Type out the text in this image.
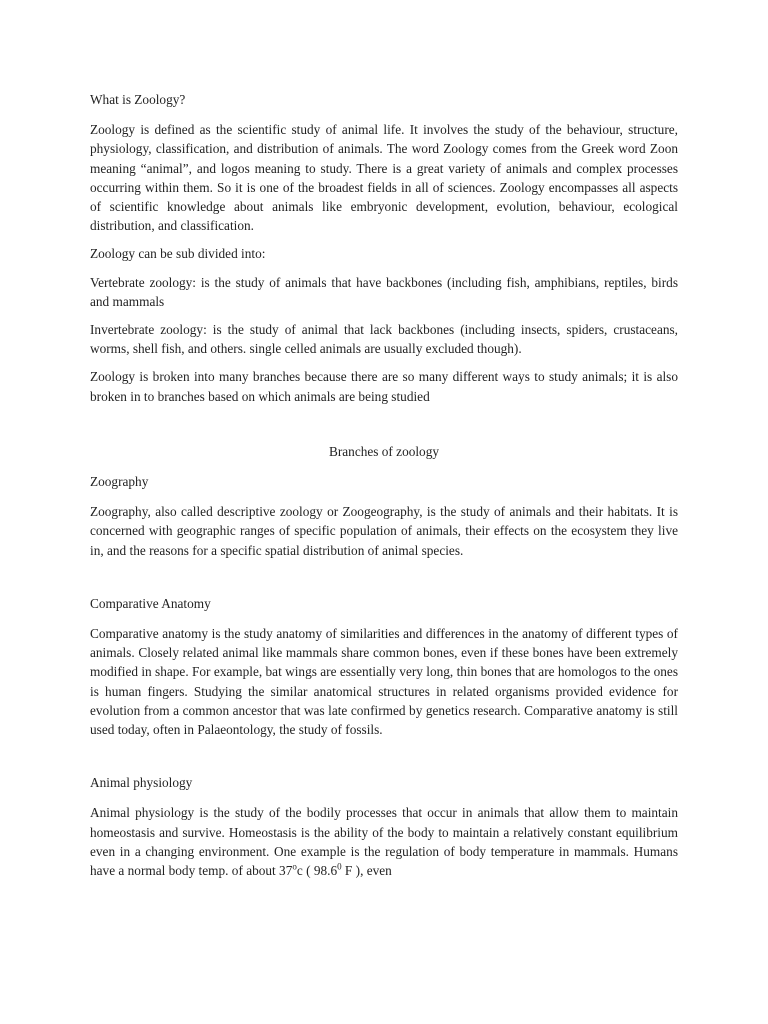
What is Zoology?

Zoology is defined as the scientific study of animal life. It involves the study of the behaviour, structure, physiology, classification, and distribution of animals. The word Zoology comes from the Greek word Zoon meaning “animal”, and logos meaning to study. There is a great variety of animals and complex processes occurring within them. So it is one of the broadest fields in all of sciences. Zoology encompasses all aspects of scientific knowledge about animals like embryonic development, evolution, behaviour, ecological distribution, and classification.

Zoology can be sub divided into:

Vertebrate zoology: is the study of animals that have backbones (including fish, amphibians, reptiles, birds and mammals

Invertebrate zoology: is the study of animal that lack backbones (including insects, spiders, crustaceans, worms, shell fish, and others. single celled animals are usually excluded though).

Zoology is broken into many branches because there are so many different ways to study animals; it is also broken in to branches based on which animals are being studied

Branches of zoology

Zoography

Zoography, also called descriptive zoology or Zoogeography, is the study of animals and their habitats. It is concerned with geographic ranges of specific population of animals, their effects on the ecosystem they live in, and the reasons for a specific spatial distribution of animal species.

Comparative Anatomy

Comparative anatomy is the study anatomy of similarities and differences in the anatomy of different types of animals. Closely related animal like mammals share common bones, even if these bones have been extremely modified in shape. For example, bat wings are essentially very long, thin bones that are homologos to the ones is human fingers. Studying the similar anatomical structures in related organisms provided evidence for evolution from a common ancestor that was late confirmed by genetics research. Comparative anatomy is still used today, often in Palaeontology, the study of fossils.

Animal physiology

Animal physiology is the study of the bodily processes that occur in animals that allow them to maintain homeostasis and survive. Homeostasis is the ability of the body to maintain a relatively constant equilibrium even in a changing environment. One example is the regulation of body temperature in mammals. Humans have a normal body temp. of about 37$^o$c ( 98.6$^0$ F ), even
